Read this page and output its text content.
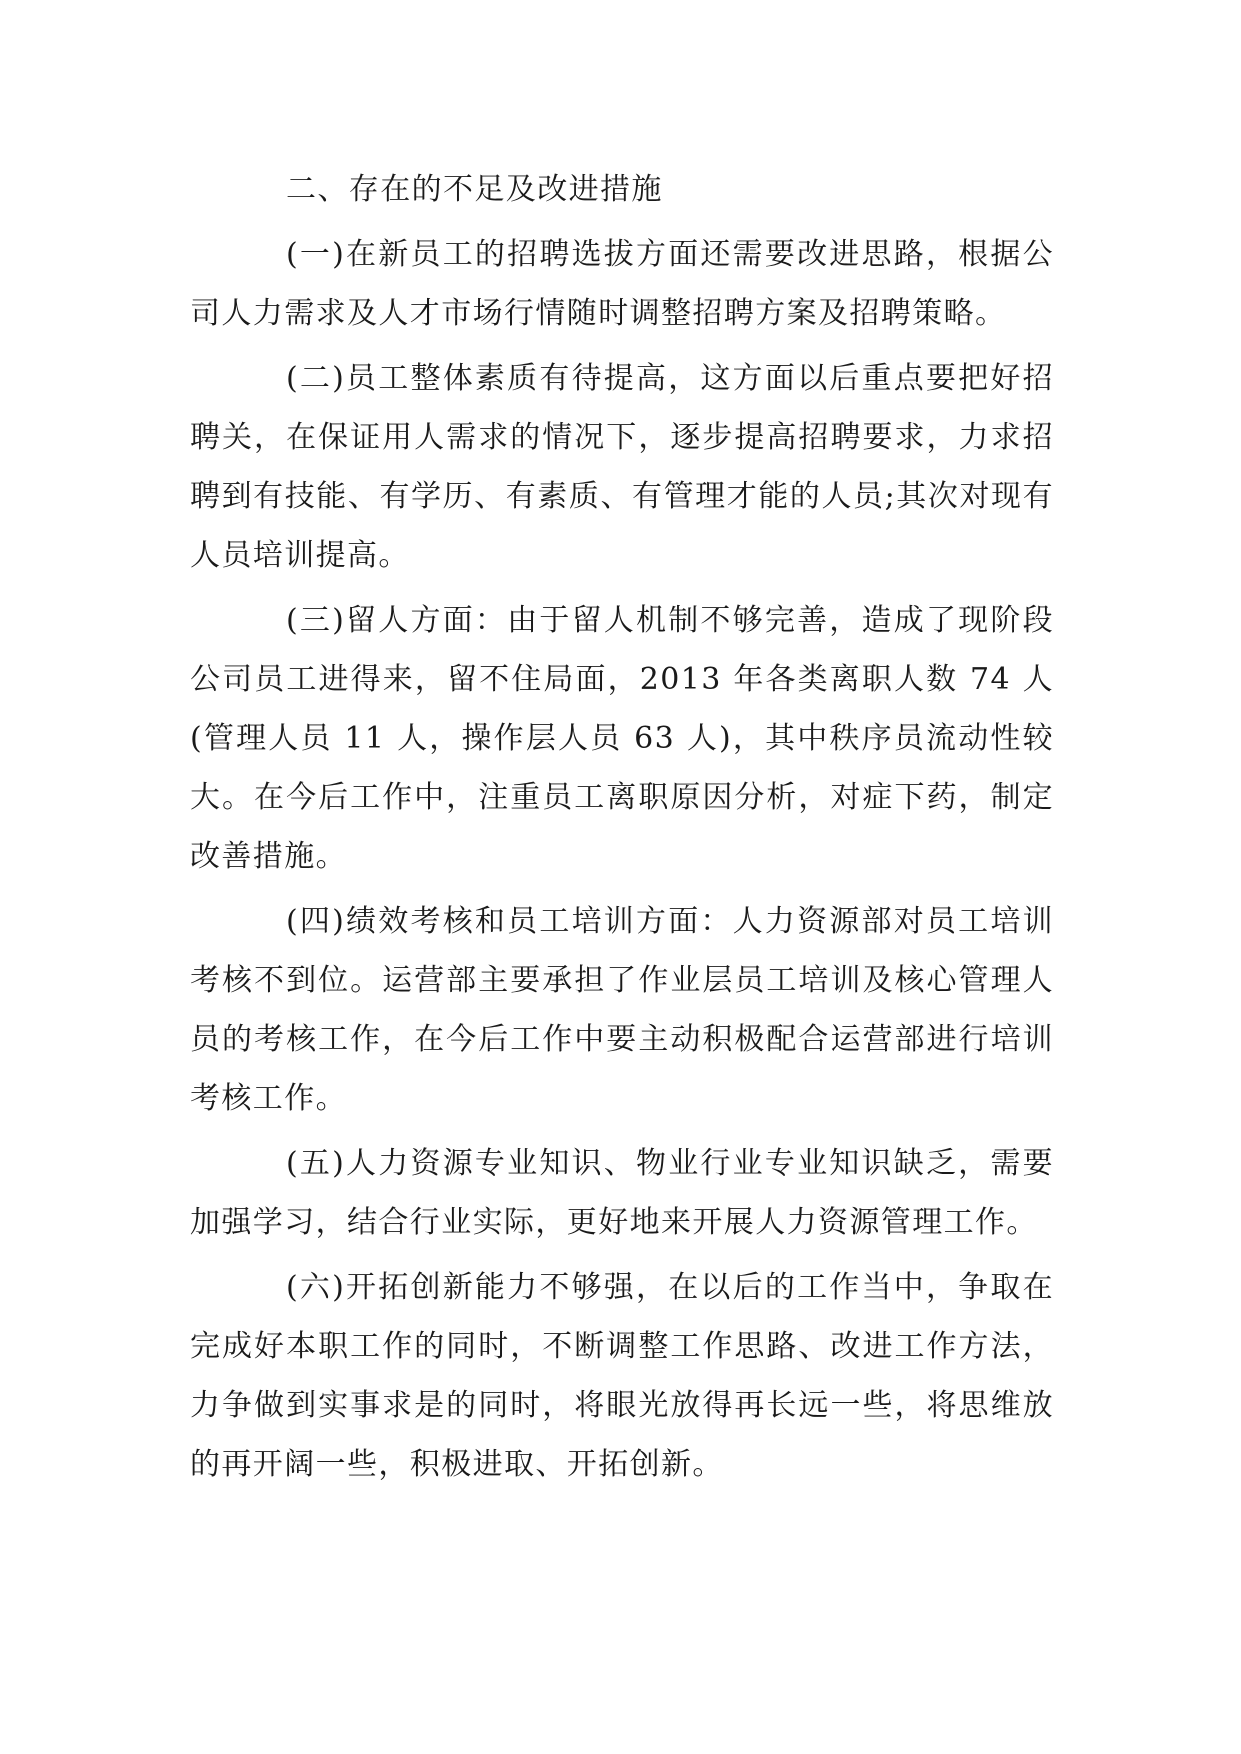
二、存在的不足及改进措施

(一)在新员工的招聘选拔方面还需要改进思路，根据公司人力需求及人才市场行情随时调整招聘方案及招聘策略。

(二)员工整体素质有待提高，这方面以后重点要把好招聘关，在保证用人需求的情况下，逐步提高招聘要求，力求招聘到有技能、有学历、有素质、有管理才能的人员;其次对现有人员培训提高。

(三)留人方面：由于留人机制不够完善，造成了现阶段公司员工进得来，留不住局面，2013 年各类离职人数 74 人(管理人员 11 人，操作层人员 63 人)，其中秩序员流动性较大。在今后工作中，注重员工离职原因分析，对症下药，制定改善措施。

(四)绩效考核和员工培训方面：人力资源部对员工培训考核不到位。运营部主要承担了作业层员工培训及核心管理人员的考核工作，在今后工作中要主动积极配合运营部进行培训考核工作。

(五)人力资源专业知识、物业行业专业知识缺乏，需要加强学习，结合行业实际，更好地来开展人力资源管理工作。

(六)开拓创新能力不够强，在以后的工作当中，争取在完成好本职工作的同时，不断调整工作思路、改进工作方法，力争做到实事求是的同时，将眼光放得再长远一些，将思维放的再开阔一些，积极进取、开拓创新。
